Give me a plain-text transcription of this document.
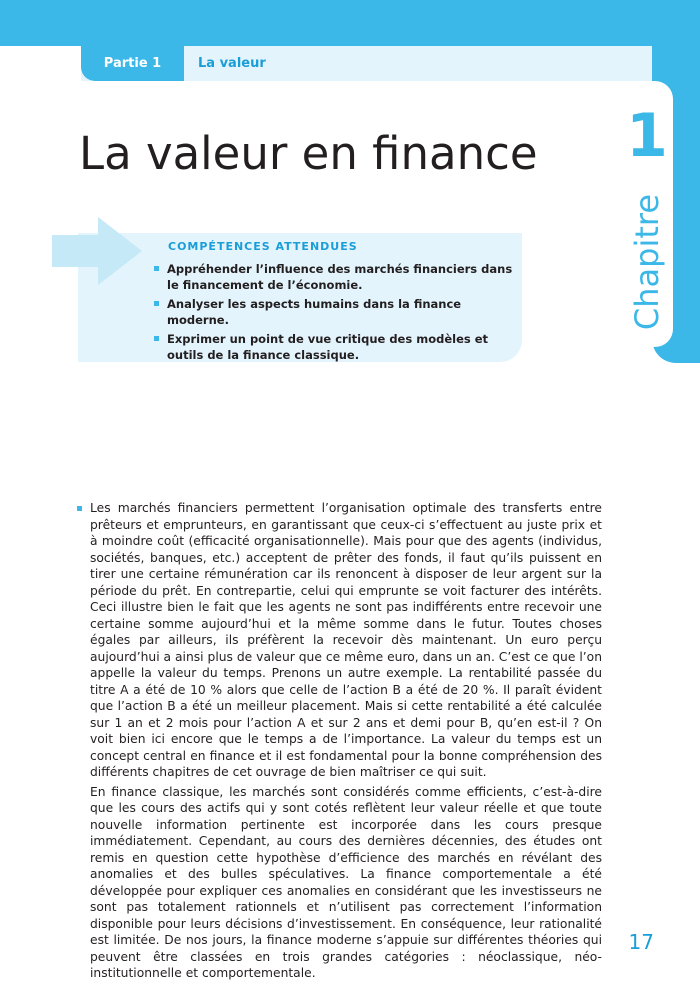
Partie 1	La valeur
1
Chapitre
La valeur en finance
COMPÉTENCES ATTENDUES
Appréhender l’influence des marchés financiers dans le financement de l’économie.
Analyser les aspects humains dans la finance moderne.
Exprimer un point de vue critique des modèles et outils de la finance classique.

Les marchés financiers permettent l’organisation optimale des transferts entre prêteurs et emprunteurs, en garantissant que ceux-ci s’effectuent au juste prix et à moindre coût (efficacité organisationnelle). Mais pour que des agents (individus, sociétés, banques, etc.) acceptent de prêter des fonds, il faut qu’ils puissent en tirer une certaine rémunération car ils renoncent à disposer de leur argent sur la période du prêt. En contrepartie, celui qui emprunte se voit facturer des intérêts. Ceci illustre bien le fait que les agents ne sont pas indifférents entre recevoir une certaine somme aujourd’hui et la même somme dans le futur. Toutes choses égales par ailleurs, ils préfèrent la recevoir dès maintenant. Un euro perçu aujourd’hui a ainsi plus de valeur que ce même euro, dans un an. C’est ce que l’on appelle la valeur du temps. Prenons un autre exemple. La rentabilité passée du titre A a été de 10 % alors que celle de l’action B a été de 20 %. Il paraît évident que l’action B a été un meilleur placement. Mais si cette rentabilité a été calculée sur 1 an et 2 mois pour l’action A et sur 2 ans et demi pour B, qu’en est-il ? On voit bien ici encore que le temps a de l’importance. La valeur du temps est un concept central en finance et il est fondamental pour la bonne compréhension des différents chapitres de cet ouvrage de bien maîtriser ce qui suit.

En finance classique, les marchés sont considérés comme efficients, c’est-à-dire que les cours des actifs qui y sont cotés reflètent leur valeur réelle et que toute nouvelle information pertinente est incorporée dans les cours presque immédiatement. Cependant, au cours des dernières décennies, des études ont remis en question cette hypothèse d’efficience des marchés en révélant des anomalies et des bulles spéculatives. La finance comportementale a été développée pour expliquer ces anomalies en considérant que les investisseurs ne sont pas totalement rationnels et n’utilisent pas correctement l’information disponible pour leurs décisions d’investissement. En conséquence, leur rationalité est limitée. De nos jours, la finance moderne s’appuie sur différentes théories qui peuvent être classées en trois grandes catégories : néoclassique, néo-institutionnelle et comportementale.

17
